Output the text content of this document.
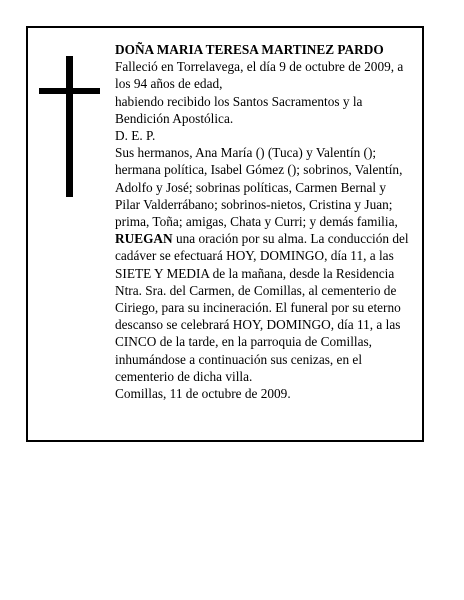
DOÑA MARIA TERESA MARTINEZ PARDO
Falleció en Torrelavega, el día 9 de octubre de 2009, a
los 94 años de edad,
habiendo recibido los Santos Sacramentos y la
Bendición Apostólica.
D. E. P.
Sus hermanos, Ana María () (Tuca) y Valentín ();
hermana política, Isabel Gómez (); sobrinos, Valentín,
Adolfo y José; sobrinas políticas, Carmen Bernal y
Pilar Valderrábano; sobrinos-nietos, Cristina y Juan;
prima, Toña; amigas, Chata y Curri; y demás familia,
RUEGAN una oración por su alma. La conducción del
cadáver se efectuará HOY, DOMINGO, día 11, a las
SIETE Y MEDIA de la mañana, desde la Residencia
Ntra. Sra. del Carmen, de Comillas, al cementerio de
Ciriego, para su incineración. El funeral por su eterno
descanso se celebrará HOY, DOMINGO, día 11, a las
CINCO de la tarde, en la parroquia de Comillas,
inhumándose a continuación sus cenizas, en el
cementerio de dicha villa.
Comillas, 11 de octubre de 2009.
